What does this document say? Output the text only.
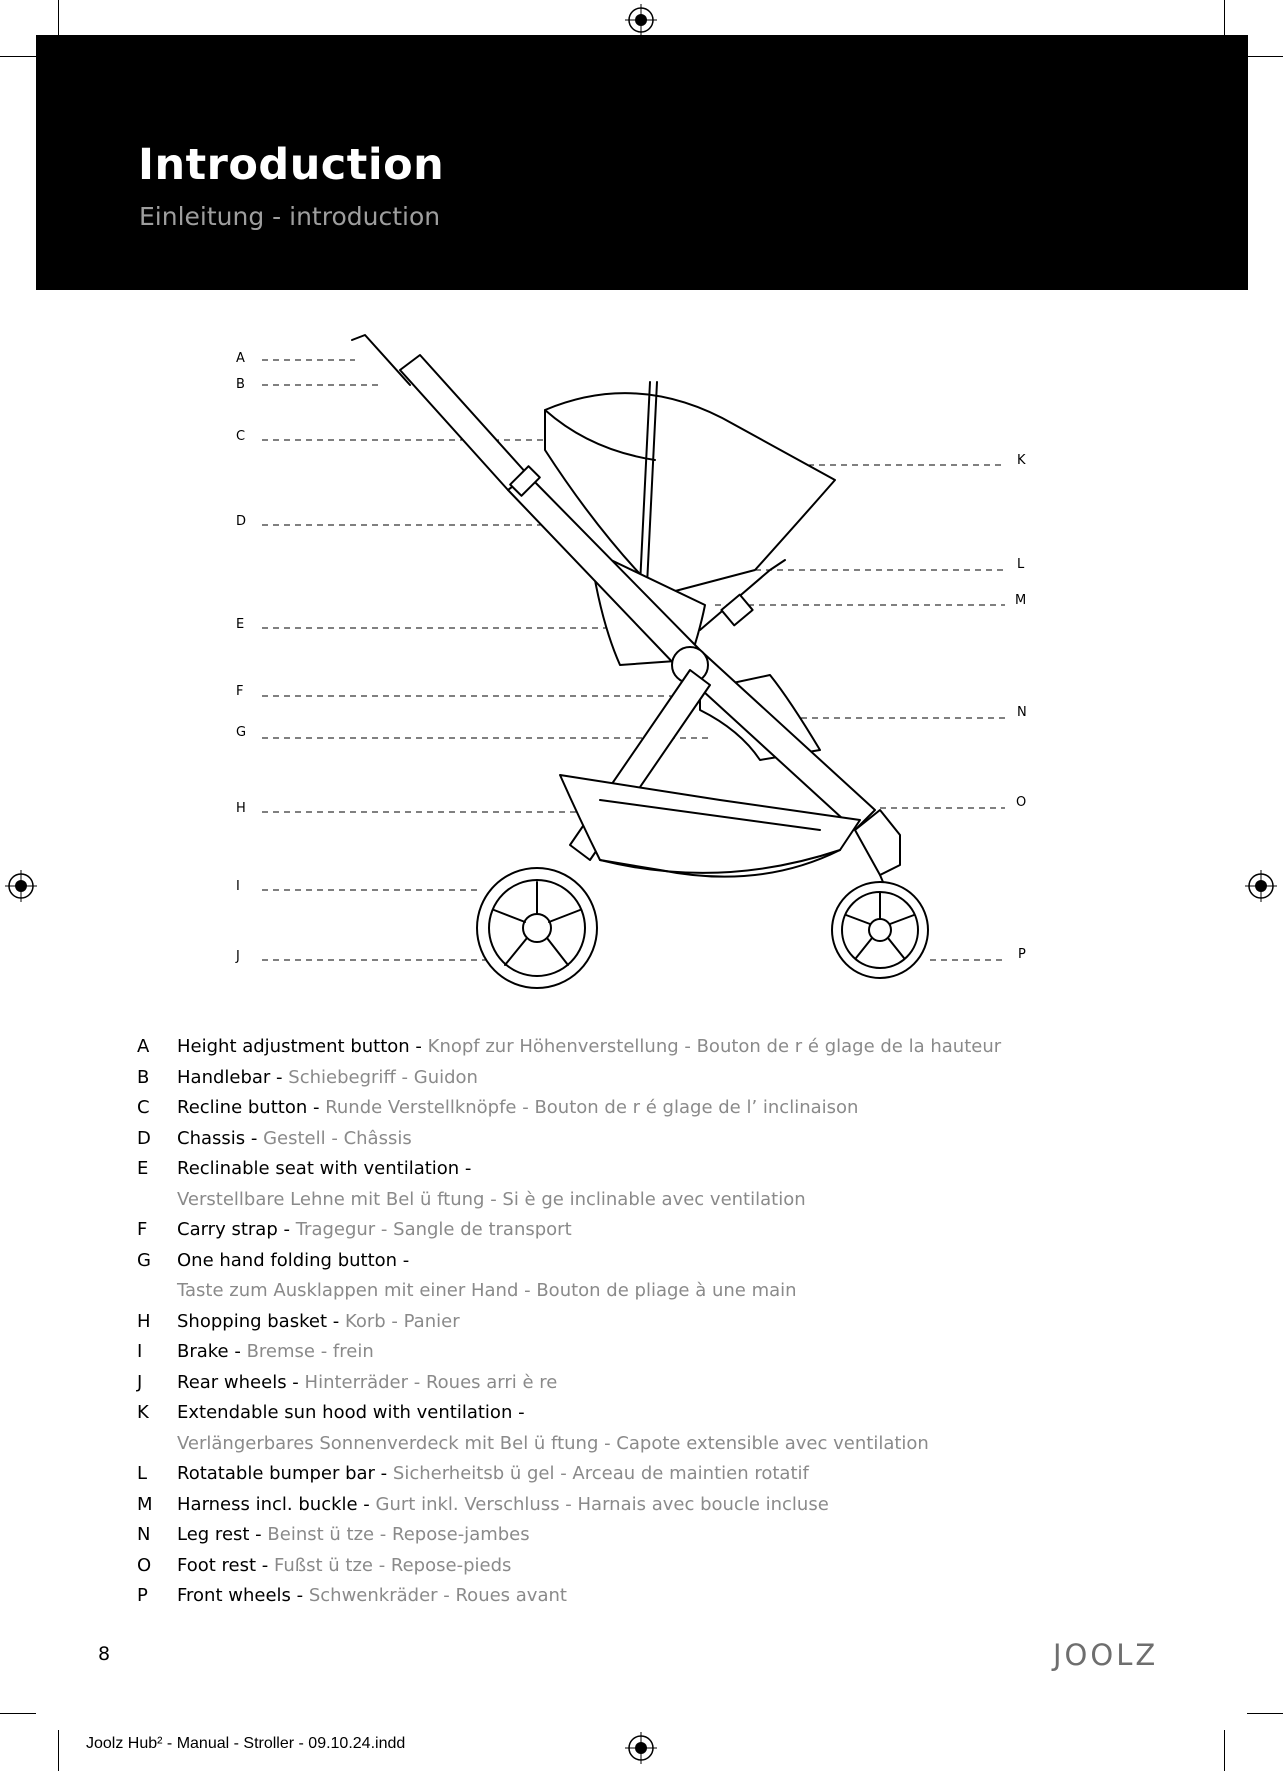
Introduction
Einleitung - introduction
A
B
C
D
E
F
G
H
I
J
K
L
M
N
O
P
A	Height adjustment button - Knopf zur Höhenverstellung - Bouton de r é glage de la hauteur
B	Handlebar - Schiebegriff - Guidon
C	Recline button - Runde Verstellknöpfe - Bouton de r é glage de l’ inclinaison
D	Chassis - Gestell - Châssis
E	Reclinable seat with ventilation -
Verstellbare Lehne mit Bel ü ftung - Si è ge inclinable avec ventilation
F	Carry strap - Tragegur - Sangle de transport
G	One hand folding button -
Taste zum Ausklappen mit einer Hand - Bouton de pliage à une main
H	Shopping basket - Korb - Panier
I	Brake - Bremse - frein
J	Rear wheels - Hinterräder - Roues arri è re
K	Extendable sun hood with ventilation -
Verlängerbares Sonnenverdeck mit Bel ü ftung - Capote extensible avec ventilation
L	Rotatable bumper bar - Sicherheitsb ü gel - Arceau de maintien rotatif
M	Harness incl. buckle - Gurt inkl. Verschluss - Harnais avec boucle incluse
N	Leg rest - Beinst ü tze - Repose-jambes
O	Foot rest - Fußst ü tze - Repose-pieds
P	Front wheels - Schwenkräder - Roues avant
8	JOOLZ
Joolz Hub² - Manual - Stroller - 09.10.24.indd
